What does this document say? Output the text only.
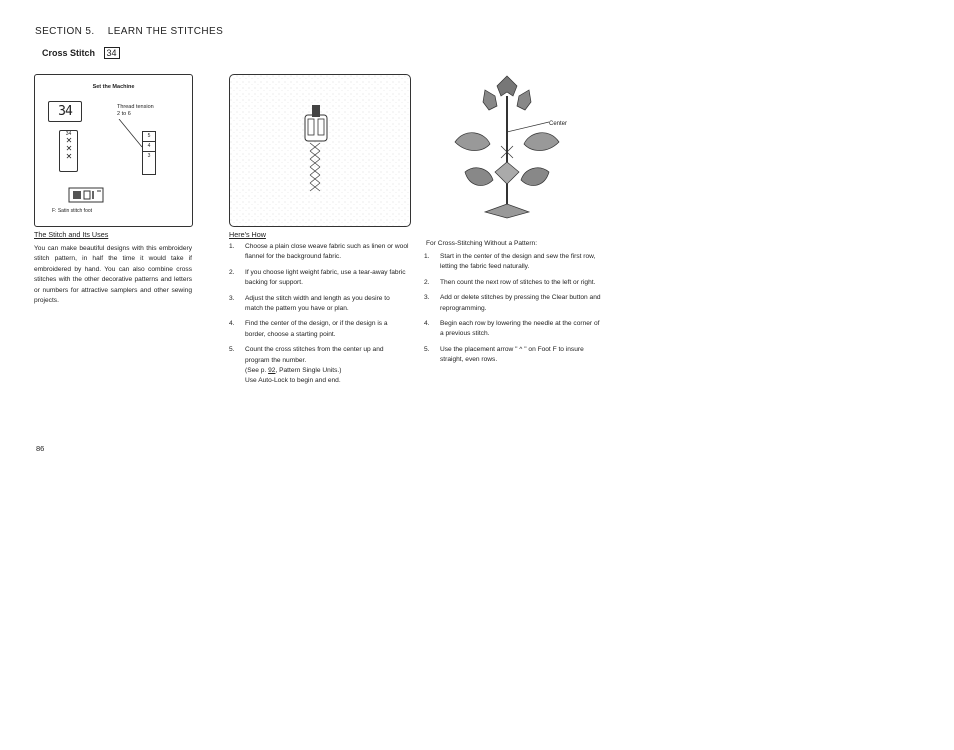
SECTION 5. LEARN THE STITCHES
Cross Stitch 34
Set the Machine
34	Thread tension
2 to 6
34
✕
✕
✕
5
4
3
F: Satin stitch foot
Center
The Stitch and Its Uses
You can make beautiful designs with this embroidery stitch pattern, in half the time it would take if embroidered by hand. You can also combine cross stitches with the other decorative patterns and letters or numbers for attractive samplers and other sewing projects.
Here's How
1. Choose a plain close weave fabric such as linen or wool flannel for the background fabric.
2. If you choose light weight fabric, use a tear-away fabric backing for support.
3. Adjust the stitch width and length as you desire to match the pattern you have or plan.
4. Find the center of the design, or if the design is a border, choose a starting point.
5. Count the cross stitches from the center up and program the number.
(See p. 92, Pattern Single Units.)
Use Auto-Lock to begin and end.
For Cross-Stitching Without a Pattern:
1. Start in the center of the design and sew the first row, letting the fabric feed naturally.
2. Then count the next row of stitches to the left or right.
3. Add or delete stitches by pressing the Clear button and reprogramming.
4. Begin each row by lowering the needle at the corner of a previous stitch.
5. Use the placement arrow " ^ " on Foot F to insure straight, even rows.
86
